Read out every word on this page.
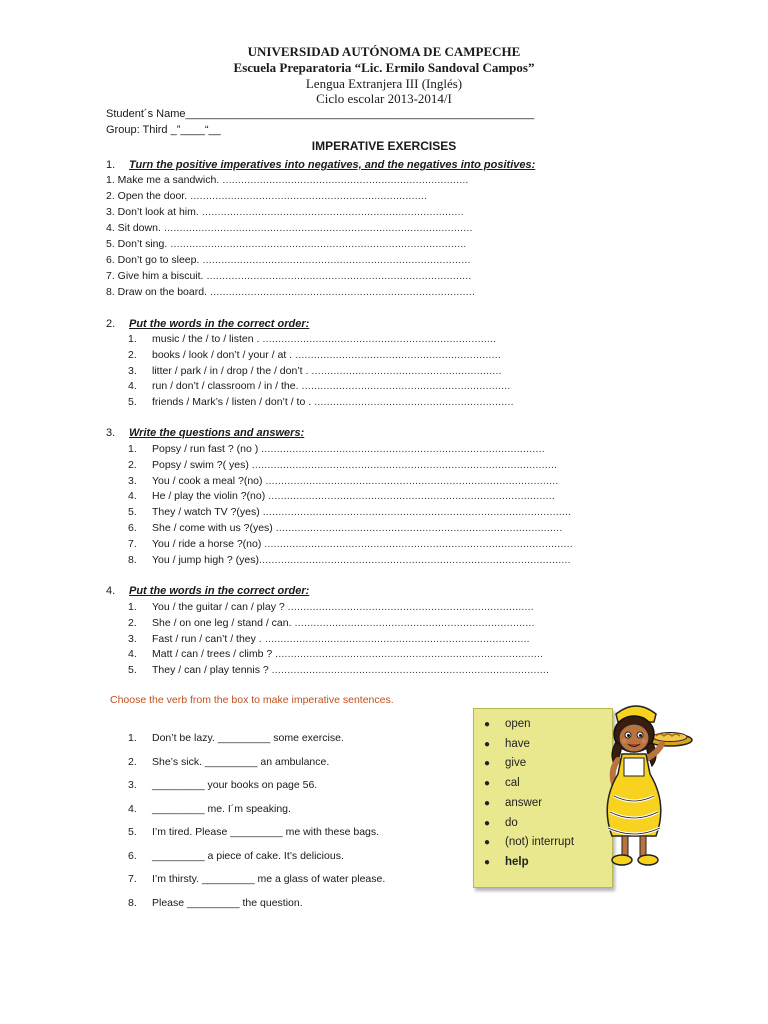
UNIVERSIDAD AUTÓNOMA DE CAMPECHE
Escuela Preparatoria “Lic. Ermilo Sandoval Campos”
Lengua Extranjera III (Inglés)
Ciclo escolar 2013-2014/I
Student´s Name_________________________________________________________
Group: Third _”____“__
IMPERATIVE EXERCISES
1. Turn the positive imperatives into negatives, and the negatives into positives:
1. Make me a sandwich. ...............................................................................
2. Open the door. ............................................................................
3. Don’t look at him. ....................................................................................
4. Sit down. ...................................................................................................
5. Don’t sing. ...............................................................................................
6. Don’t go to sleep. ......................................................................................
7. Give him a biscuit. .....................................................................................
8. Draw on the board. .....................................................................................
2. Put the words in the correct order:
1. music / the / to / listen . ...........................................................................
2. books / look / don’t / your / at . ..................................................................
3. litter / park / in / drop / the / don’t . .............................................................
4. run / don’t / classroom / in / the. ...................................................................
5. friends / Mark’s / listen / don’t / to . ................................................................
3. Write the questions and answers:
1. Popsy / run fast ? (no ) ...........................................................................................
2. Popsy / swim ?( yes) ..................................................................................................
3. You / cook a meal ?(no) ..............................................................................................
4. He / play the violin ?(no) ............................................................................................
5. They / watch TV ?(yes) ...................................................................................................
6. She / come with us ?(yes) ............................................................................................
7. You / ride a horse ?(no) ...................................................................................................
8. You / jump high ? (yes)....................................................................................................
4. Put the words in the correct order:
1. You / the guitar / can / play ? ...............................................................................
2. She / on one leg / stand / can. .............................................................................
3. Fast / run / can’t / they . .....................................................................................
4. Matt / can / trees / climb ? ......................................................................................
5. They / can / play tennis ? .........................................................................................
Choose the verb from the box to make imperative sentences.
1. Don’t be lazy. _________ some exercise.
2. She’s sick. _________ an ambulance.
3. _________ your books on page 56.
4. _________ me. I´m speaking.
5. I’m tired. Please _________ me with these bags.
6. _________ a piece of cake. It’s delicious.
7. I’m thirsty. _________ me a glass of water please.
8. Please _________ the question.
● open
● have
● give
● cal
● answer
● do
● (not) interrupt
● help
